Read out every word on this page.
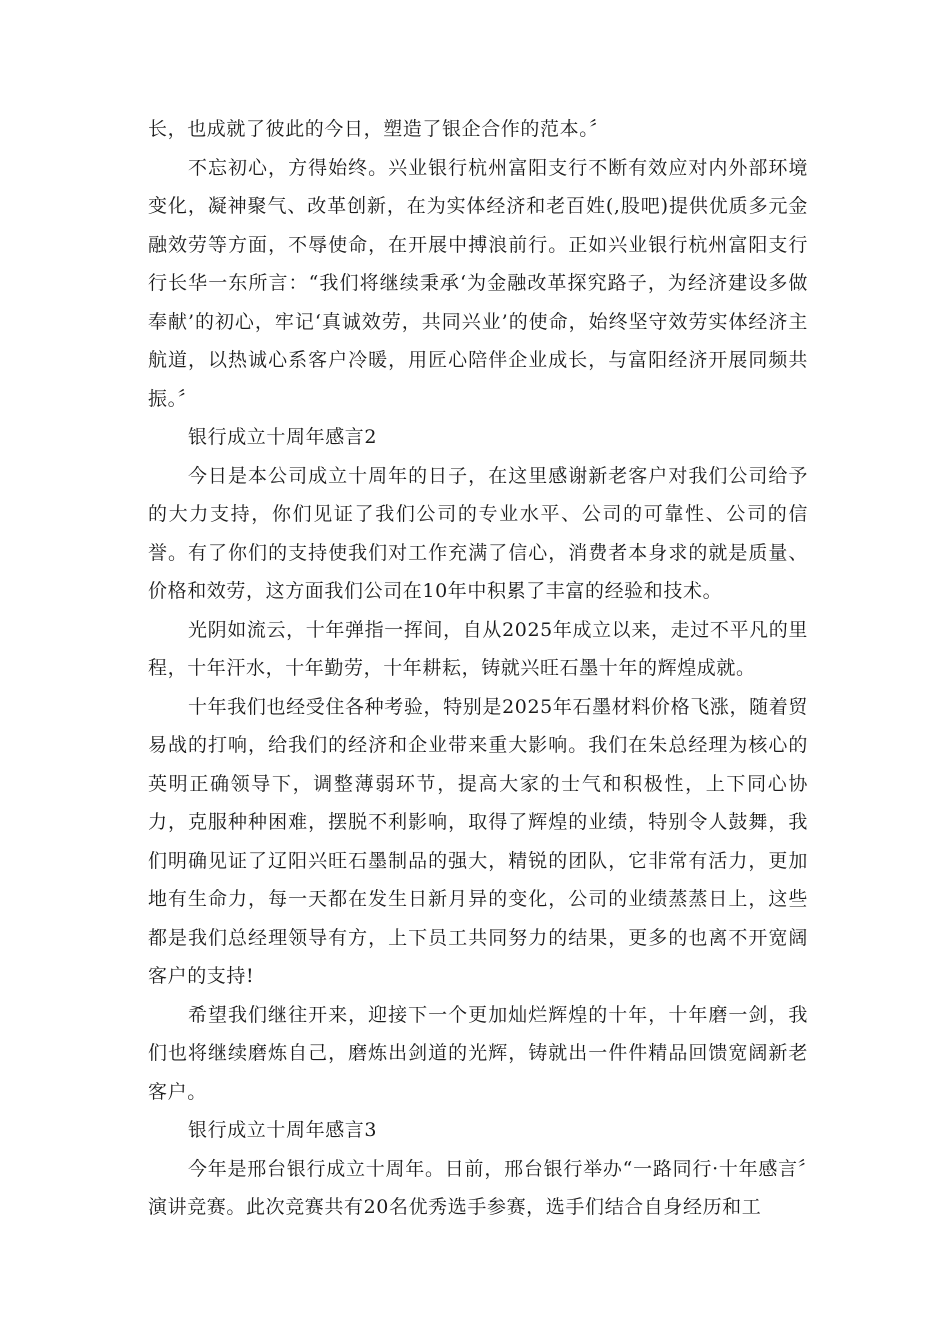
长，也成就了彼此的今日，塑造了银企合作的范本。〞

不忘初心，方得始终。兴业银行杭州富阳支行不断有效应对内外部环境变化，凝神聚气、改革创新，在为实体经济和老百姓(,股吧)提供优质多元金融效劳等方面，不辱使命，在开展中搏浪前行。正如兴业银行杭州富阳支行行长华一东所言：“我们将继续秉承‘为金融改革探究路子，为经济建设多做奉献’的初心，牢记‘真诚效劳，共同兴业’的使命，始终坚守效劳实体经济主航道，以热诚心系客户冷暖，用匠心陪伴企业成长，与富阳经济开展同频共振。〞

银行成立十周年感言2

今日是本公司成立十周年的日子，在这里感谢新老客户对我们公司给予的大力支持，你们见证了我们公司的专业水平、公司的可靠性、公司的信誉。有了你们的支持使我们对工作充满了信心，消费者本身求的就是质量、价格和效劳，这方面我们公司在10年中积累了丰富的经验和技术。

光阴如流云，十年弹指一挥间，自从2025年成立以来，走过不平凡的里程，十年汗水，十年勤劳，十年耕耘，铸就兴旺石墨十年的辉煌成就。

十年我们也经受住各种考验，特别是2025年石墨材料价格飞涨，随着贸易战的打响，给我们的经济和企业带来重大影响。我们在朱总经理为核心的英明正确领导下，调整薄弱环节，提高大家的士气和积极性，上下同心协力，克服种种困难，摆脱不利影响，取得了辉煌的业绩，特别令人鼓舞，我们明确见证了辽阳兴旺石墨制品的强大，精锐的团队，它非常有活力，更加地有生命力，每一天都在发生日新月异的变化，公司的业绩蒸蒸日上，这些都是我们总经理领导有方，上下员工共同努力的结果，更多的也离不开宽阔客户的支持!

希望我们继往开来，迎接下一个更加灿烂辉煌的十年，十年磨一剑，我们也将继续磨炼自己，磨炼出剑道的光辉，铸就出一件件精品回馈宽阔新老客户。

银行成立十周年感言3

今年是邢台银行成立十周年。日前，邢台银行举办“一路同行·十年感言〞演讲竞赛。此次竞赛共有20名优秀选手参赛，选手们结合自身经历和工
